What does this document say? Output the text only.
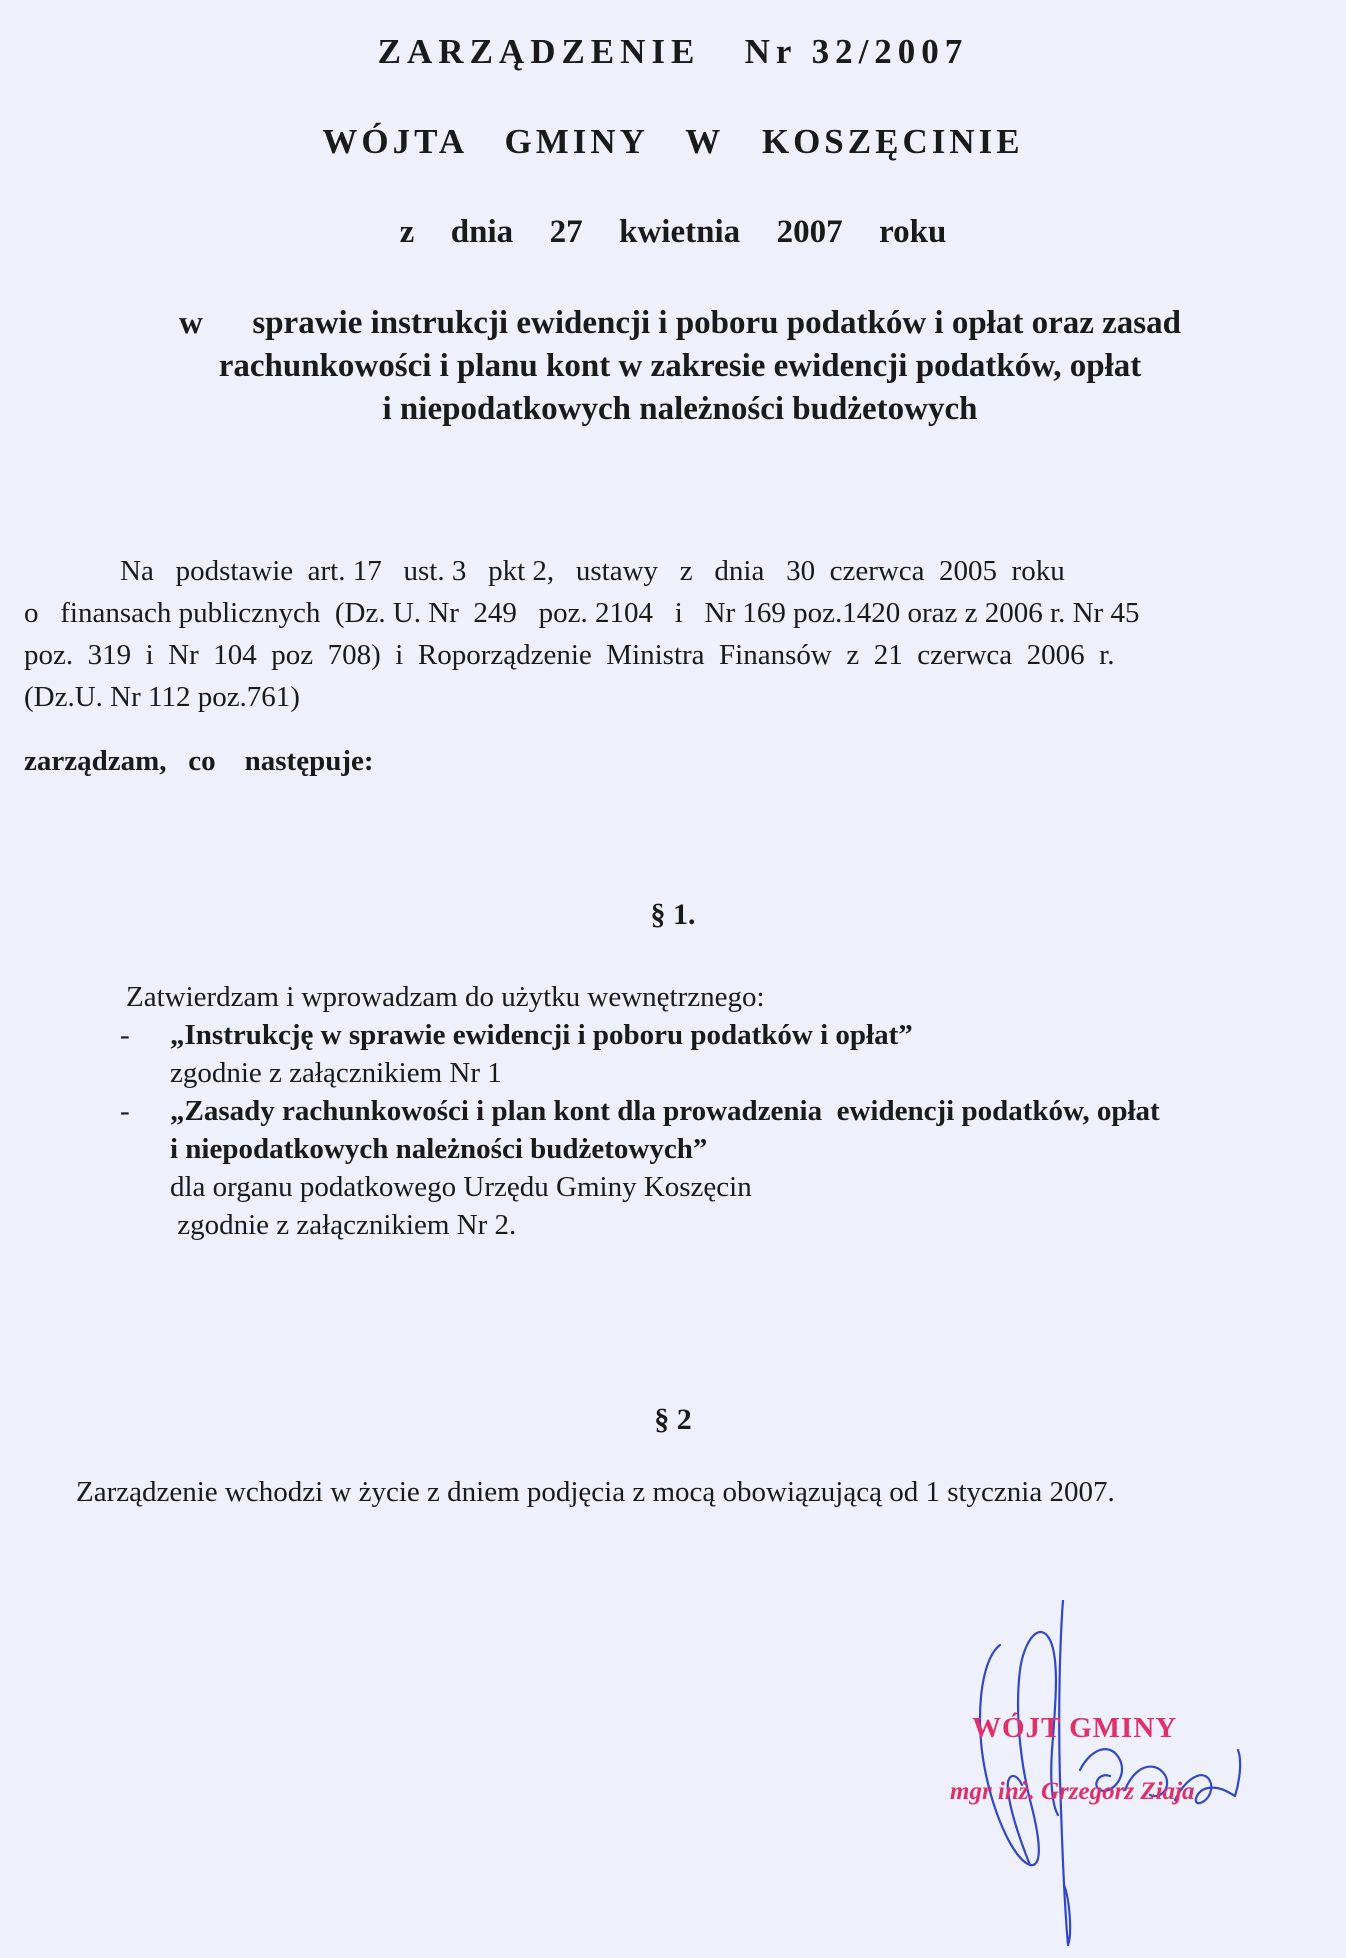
ZARZĄDZENIE   Nr 32/2007
WÓJTA   GMINY   W   KOSZĘCINIE
z  dnia  27  kwietnia  2007  roku
w      sprawie instrukcji ewidencji i poboru podatków i opłat oraz zasad
rachunkowości i planu kont w zakresie ewidencji podatków, opłat
i niepodatkowych należności budżetowych
Na   podstawie  art. 17   ust. 3   pkt 2,   ustawy   z   dnia   30  czerwca  2005  roku
o   finansach publicznych  (Dz. U. Nr  249   poz. 2104   i   Nr 169 poz.1420 oraz z 2006 r. Nr 45
poz.  319  i  Nr  104  poz  708)  i  Roporządzenie  Ministra  Finansów  z  21  czerwca  2006  r.
(Dz.U. Nr 112 poz.761)
zarządzam,   co    następuje:
§ 1.
Zatwierdzam i wprowadzam do użytku wewnętrznego:
- „Instrukcję w sprawie ewidencji i poboru podatków i opłat”
zgodnie z załącznikiem Nr 1
- „Zasady rachunkowości i plan kont dla prowadzenia  ewidencji podatków, opłat
i niepodatkowych należności budżetowych”
dla organu podatkowego Urzędu Gminy Koszęcin
zgodnie z załącznikiem Nr 2.
§ 2
Zarządzenie wchodzi w życie z dniem podjęcia z mocą obowiązującą od 1 stycznia 2007.
WÓJT GMINY
mgr inż. Grzegorz Ziaja
